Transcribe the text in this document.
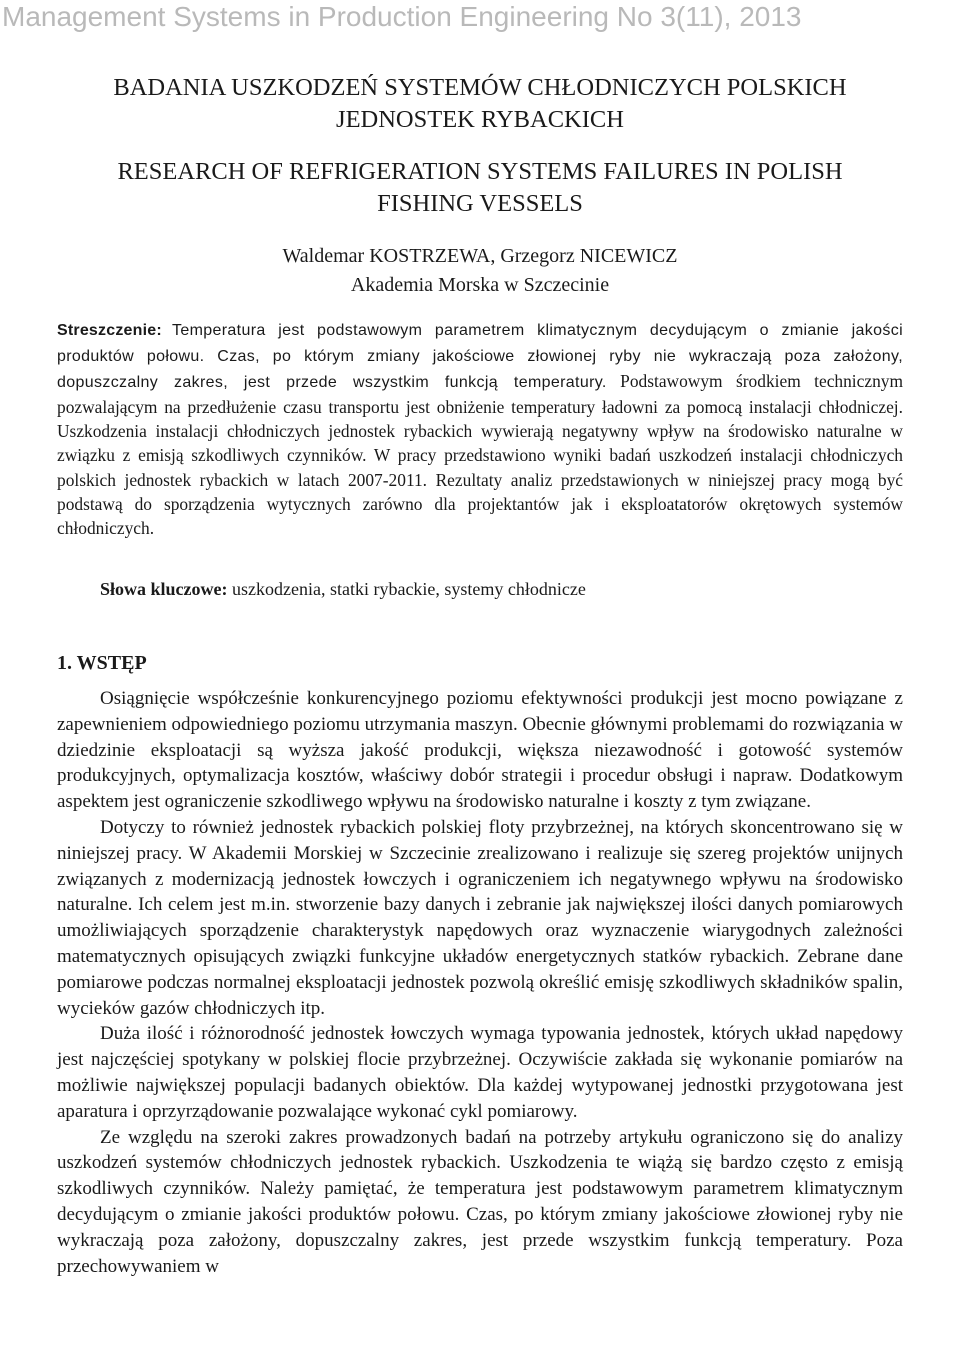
Management Systems in Production Engineering No 3(11), 2013
BADANIA USZKODZEŃ SYSTEMÓW CHŁODNICZYCH POLSKICH
JEDNOSTEK RYBACKICH
RESEARCH OF REFRIGERATION SYSTEMS FAILURES IN POLISH
FISHING VESSELS
Waldemar KOSTRZEWA, Grzegorz NICEWICZ
Akademia Morska w Szczecinie
Streszczenie: Temperatura jest podstawowym parametrem klimatycznym decydującym o zmianie jakości produktów połowu. Czas, po którym zmiany jakościowe złowionej ryby nie wykraczają poza założony, dopuszczalny zakres, jest przede wszystkim funkcją temperatury. Podstawowym środkiem technicznym pozwalającym na przedłużenie czasu transportu jest obniżenie temperatury ładowni za pomocą instalacji chłodniczej. Uszkodzenia instalacji chłodniczych jednostek rybackich wywierają negatywny wpływ na środowisko naturalne w związku z emisją szkodliwych czynników. W pracy przedstawiono wyniki badań uszkodzeń instalacji chłodniczych polskich jednostek rybackich w latach 2007-2011. Rezultaty analiz przedstawionych w niniejszej pracy mogą być podstawą do sporządzenia wytycznych zarówno dla projektantów jak i eksploatatorów okrętowych systemów chłodniczych.
Słowa kluczowe: uszkodzenia, statki rybackie, systemy chłodnicze
1. WSTĘP

Osiągnięcie współcześnie konkurencyjnego poziomu efektywności produkcji jest mocno powiązane z zapewnieniem odpowiedniego poziomu utrzymania maszyn. Obecnie głównymi problemami do rozwiązania w dziedzinie eksploatacji są wyższa jakość produkcji, większa niezawodność i gotowość systemów produkcyjnych, optymalizacja kosztów, właściwy dobór strategii i procedur obsługi i napraw. Dodatkowym aspektem jest ograniczenie szkodliwego wpływu na środowisko naturalne i koszty z tym związane.

Dotyczy to również jednostek rybackich polskiej floty przybrzeżnej, na których skoncentrowano się w niniejszej pracy. W Akademii Morskiej w Szczecinie zrealizowano i realizuje się szereg projektów unijnych związanych z modernizacją jednostek łowczych i ograniczeniem ich negatywnego wpływu na środowisko naturalne. Ich celem jest m.in. stworzenie bazy danych i zebranie jak największej ilości danych pomiarowych umożliwiających sporządzenie charakterystyk napędowych oraz wyznaczenie wiarygodnych zależności matematycznych opisujących związki funkcyjne układów energetycznych statków rybackich. Zebrane dane pomiarowe podczas normalnej eksploatacji jednostek pozwolą określić emisję szkodliwych składników spalin, wycieków gazów chłodniczych itp.

Duża ilość i różnorodność jednostek łowczych wymaga typowania jednostek, których układ napędowy jest najczęściej spotykany w polskiej flocie przybrzeżnej. Oczywiście zakłada się wykonanie pomiarów na możliwie największej populacji badanych obiektów. Dla każdej wytypowanej jednostki przygotowana jest aparatura i oprzyrządowanie pozwalające wykonać cykl pomiarowy.

Ze względu na szeroki zakres prowadzonych badań na potrzeby artykułu ograniczono się do analizy uszkodzeń systemów chłodniczych jednostek rybackich. Uszkodzenia te wiążą się bardzo często z emisją szkodliwych czynników. Należy pamiętać, że temperatura jest podstawowym parametrem klimatycznym decydującym o zmianie jakości produktów połowu. Czas, po którym zmiany jakościowe złowionej ryby nie wykraczają poza założony, dopuszczalny zakres, jest przede wszystkim funkcją temperatury. Poza przechowywaniem w
